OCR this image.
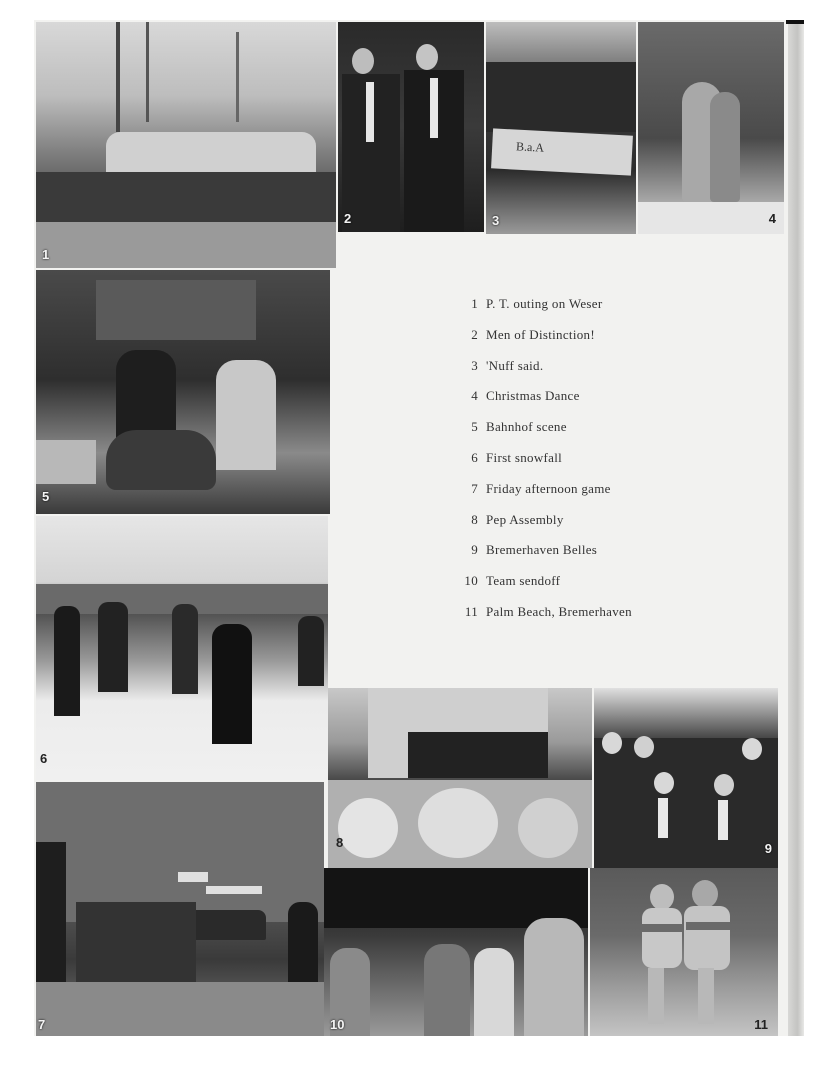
1
2
B.a.A
3	4
5
6
7
8	9
10	11
1 P. T. outing on Weser
2 Men of Distinction!
3 'Nuff said.
4 Christmas Dance
5 Bahnhof scene
6 First snowfall
7 Friday afternoon game
8 Pep Assembly
9 Bremerhaven Belles
10 Team sendoff
11 Palm Beach, Bremerhaven
